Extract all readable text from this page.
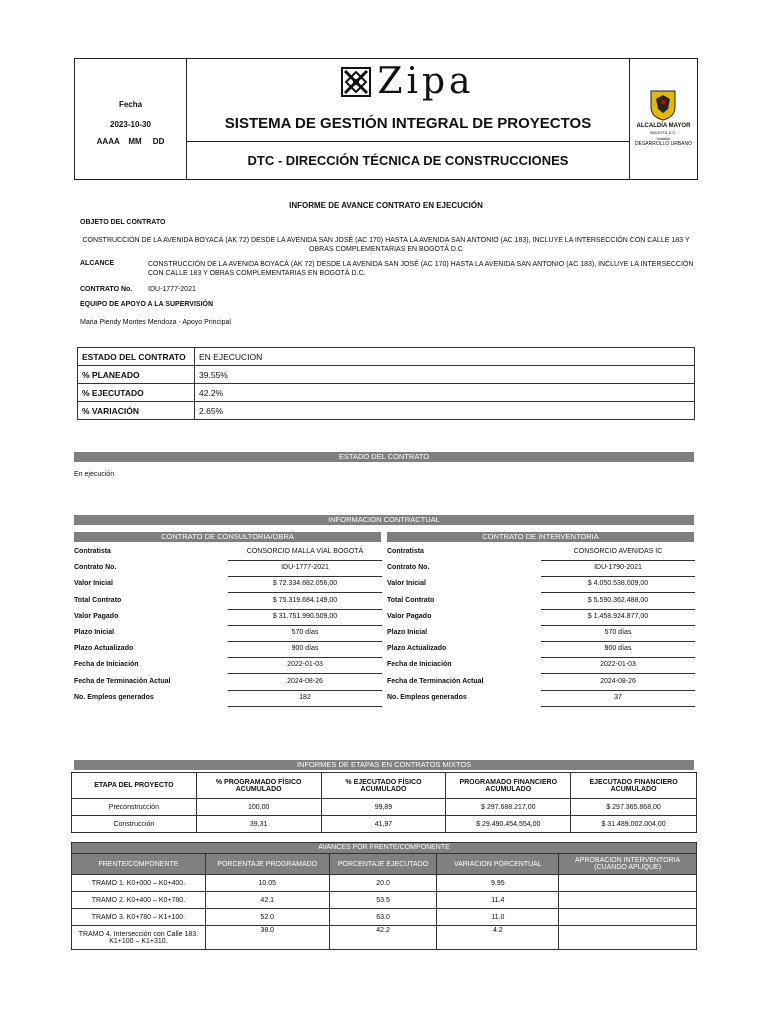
Fecha
2023-10-30
AAAA    MM     DD
Zipa
SISTEMA DE GESTIÓN INTEGRAL DE PROYECTOS
DTC - DIRECCIÓN TÉCNICA DE CONSTRUCCIONES
ALCALDÍA MAYOR
BOGOTÁ D.C.
Instituto
DESARROLLO URBANO
INFORME DE AVANCE CONTRATO EN EJECUCIÓN
OBJETO DEL CONTRATO
CONSTRUCCIÓN DE LA AVENIDA BOYACÁ (AK 72) DESDE LA AVENIDA SAN JOSÉ (AC 170) HASTA LA AVENIDA SAN ANTONIO (AC 183), INCLUYE LA INTERSECCIÓN CON CALLE 183 Y OBRAS COMPLEMENTARIAS EN BOGOTÁ D.C
ALCANCE	CONSTRUCCIÓN DE LA AVENIDA BOYACÁ (AK 72) DESDE LA AVENIDA SAN JOSÉ (AC 170) HASTA LA AVENIDA SAN ANTONIO (AC 183), INCLUYE LA INTERSECCIÓN CON CALLE 183 Y OBRAS COMPLEMENTARIAS EN BOGOTÁ D.C.
CONTRATO No. IDU-1777-2021
EQUIPO DE APOYO A LA SUPERVISIÓN
Maria Piendy Montes Mendoza - Apoyo Principal
ESTADO DEL CONTRATO	EN EJECUCION
% PLANEADO	39.55%
% EJECUTADO	42.2%
% VARIACIÓN	2.65%
ESTADO DEL CONTRATO
En ejecución
INFORMACION CONTRACTUAL
CONTRATO DE CONSULTORIA/OBRA	CONTRATO DE INTERVENTORIA
Contratista	CONSORCIO MALLA VIAL BOGOTÁ
Contrato No.	IDU-1777-2021
Valor Inicial	$ 72.334.682.056,00
Total Contrato	$ 75.319.684.149,00
Valor Pagado	$ 31.751.990.509,00
Plazo Inicial	570 días
Plazo Actualizado	900 días
Fecha de Iniciación	2022-01-03
Fecha de Terminación Actual	2024-08-26
No. Empleos generados	182
Contratista	CONSORCIO AVENIDAS IC
Contrato No.	IDU-1790-2021
Valor Inicial	$ 4.050.538.009,00
Total Contrato	$ 5.590.362.488,00
Valor Pagado	$ 1.458.924.877,00
Plazo Inicial	570 días
Plazo Actualizado	900 días
Fecha de Iniciación	2022-01-03
Fecha de Terminación Actual	2024-08-26
No. Empleos generados	37
INFORMES DE ETAPAS EN CONTRATOS MIXTOS
ETAPA DEL PROYECTO	% PROGRAMADO FÍSICO ACUMULADO	% EJECUTADO FÍSICO ACUMULADO	PROGRAMADO FINANCIERO ACUMULADO	EJECUTADO FINANCIERO ACUMULADO
Preconstrucción	100,00	99,89	$ 297.688.217,00	$ 297.365.868,00
Construcción	39,31	41,97	$ 29.490.454.554,00	$ 31.489.002.004,00
AVANCES POR FRENTE/COMPONENTE				
FRENTE/COMPONENTE	PORCENTAJE PROGRAMADO	PORCENTAJE EJECUTADO	VARIACION PORCENTUAL	APROBACION INTERVENTORIA (CUANDO APLIQUE)
TRAMO 1. K0+000 – K0+400.	10.05	20.0	9.95	
TRAMO 2. K0+400 – K0+780.	42.1	53.5	11.4	
TRAMO 3. K0+780 – K1+100.	52.0	63.0	11.0	
TRAMO 4. Intersección con Calle 183. K1+100 – K1+310.	38.0	42.2	4.2	
